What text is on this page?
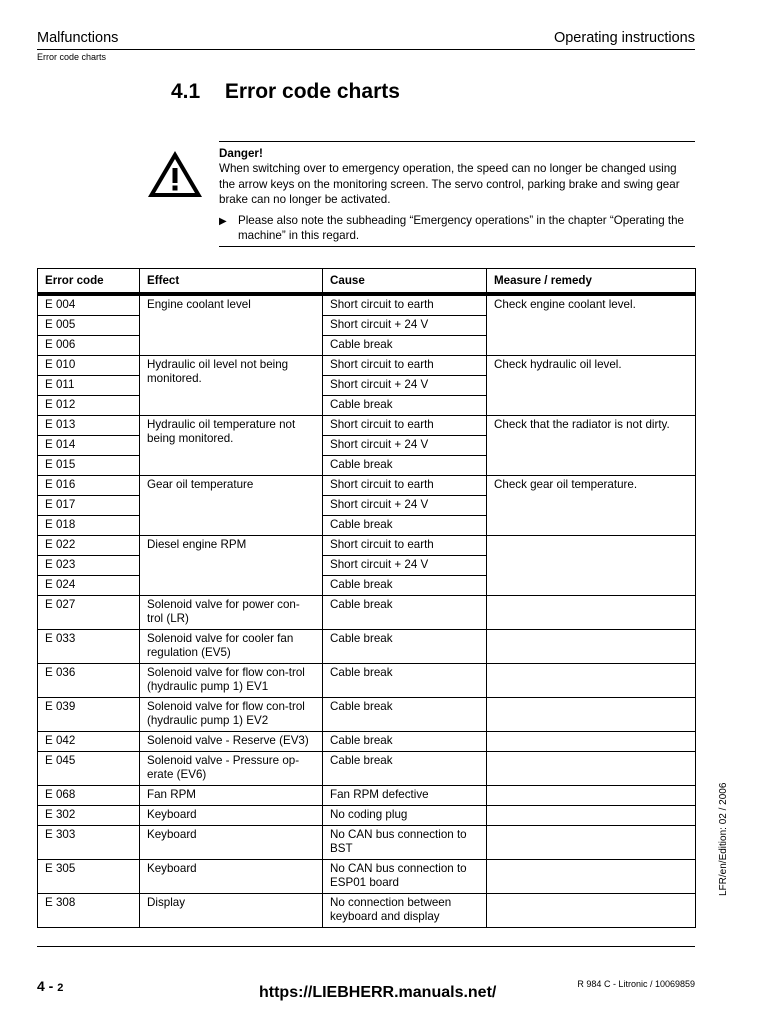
Malfunctions	Operating instructions
Error code charts
4.1 Error code charts
Danger!
When switching over to emergency operation, the speed can no longer be changed using the arrow keys on the monitoring screen. The servo control, parking brake and swing gear brake can no longer be activated.
▶ Please also note the subheading “Emergency operations” in the chapter “Operating the machine” in this regard.
Error code	Effect	Cause	Measure / remedy
E 004	Engine coolant level	Short circuit to earth	Check engine coolant level.
E 005		Short circuit + 24 V	
E 006		Cable break	
E 010	Hydraulic oil level not being monitored.	Short circuit to earth	Check hydraulic oil level.
E 011		Short circuit + 24 V	
E 012		Cable break	
E 013	Hydraulic oil temperature not being monitored.	Short circuit to earth	Check that the radiator is not dirty.
E 014		Short circuit + 24 V	
E 015		Cable break	
E 016	Gear oil temperature	Short circuit to earth	Check gear oil temperature.
E 017		Short circuit + 24 V	
E 018		Cable break	
E 022	Diesel engine RPM	Short circuit to earth	
E 023		Short circuit + 24 V	
E 024		Cable break	
E 027	Solenoid valve for power con-trol (LR)	Cable break	
E 033	Solenoid valve for cooler fan regulation (EV5)	Cable break	
E 036	Solenoid valve for flow con-trol (hydraulic pump 1) EV1	Cable break	
E 039	Solenoid valve for flow con-trol (hydraulic pump 1) EV2	Cable break	
E 042	Solenoid valve - Reserve (EV3)	Cable break	
E 045	Solenoid valve - Pressure op-erate (EV6)	Cable break	
E 068	Fan RPM	Fan RPM defective	
E 302	Keyboard	No coding plug	
E 303	Keyboard	No CAN bus connection to BST	
E 305	Keyboard	No CAN bus connection to ESP01 board	
E 308	Display	No connection between keyboard and display	
4 - 2	R 984 C - Litronic / 10069859
https://LIEBHERR.manuals.net/
LFR/en/Edition: 02 / 2006
